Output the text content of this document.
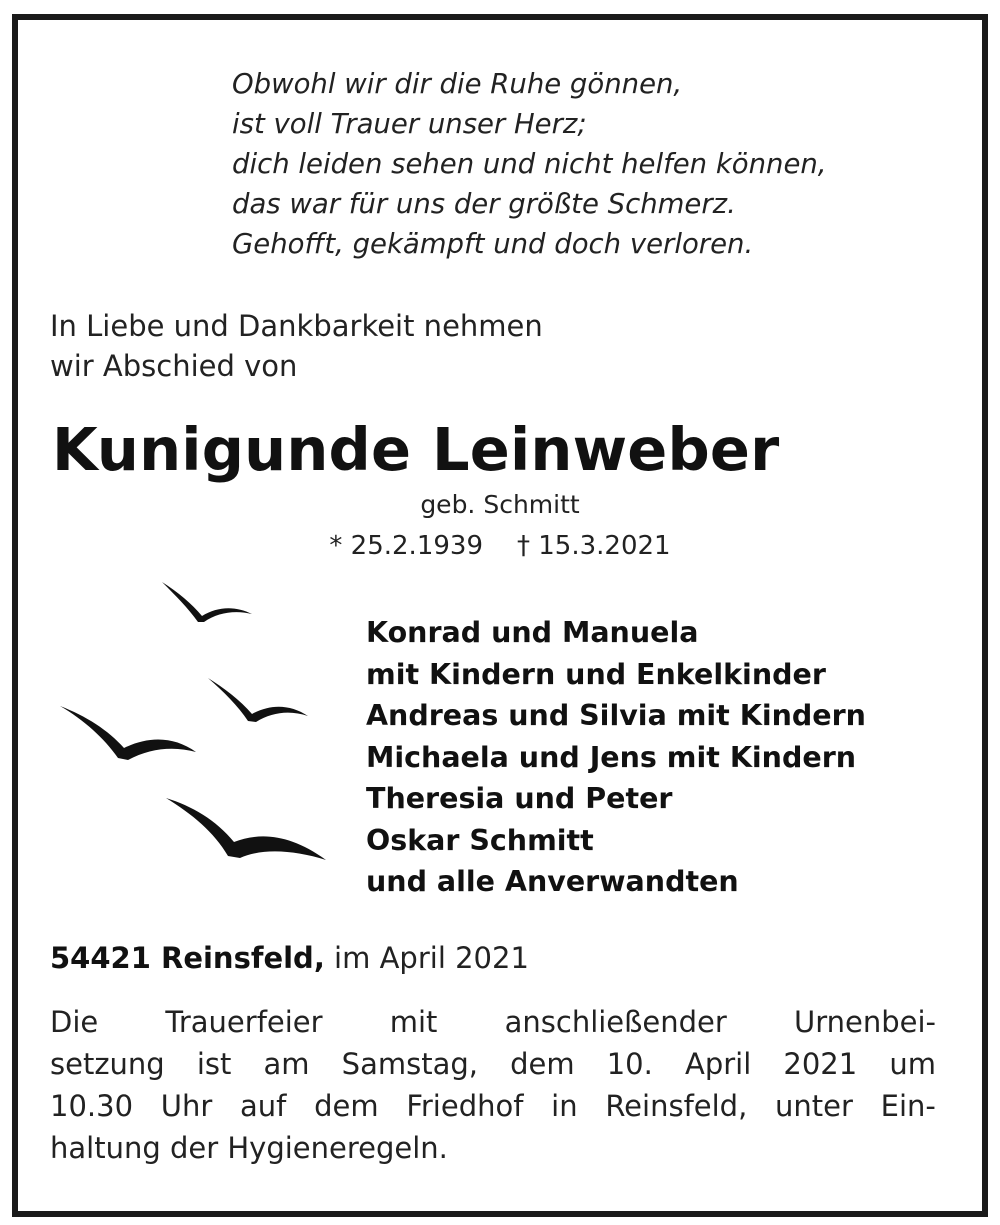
Obwohl wir dir die Ruhe gönnen,
ist voll Trauer unser Herz;
dich leiden sehen und nicht helfen können,
das war für uns der größte Schmerz.
Gehofft, gekämpft und doch verloren.
In Liebe und Dankbarkeit nehmen
wir Abschied von
Kunigunde Leinweber
geb. Schmitt
* 25.2.1939 † 15.3.2021
Konrad und Manuela
mit Kindern und Enkelkinder
Andreas und Silvia mit Kindern
Michaela und Jens mit Kindern
Theresia und Peter
Oskar Schmitt
und alle Anverwandten
54421 Reinsfeld, im April 2021
Die Trauerfeier mit anschließender Urnenbei-
setzung ist am Samstag, dem 10. April 2021 um
10.30 Uhr auf dem Friedhof in Reinsfeld, unter Ein-
haltung der Hygieneregeln.
